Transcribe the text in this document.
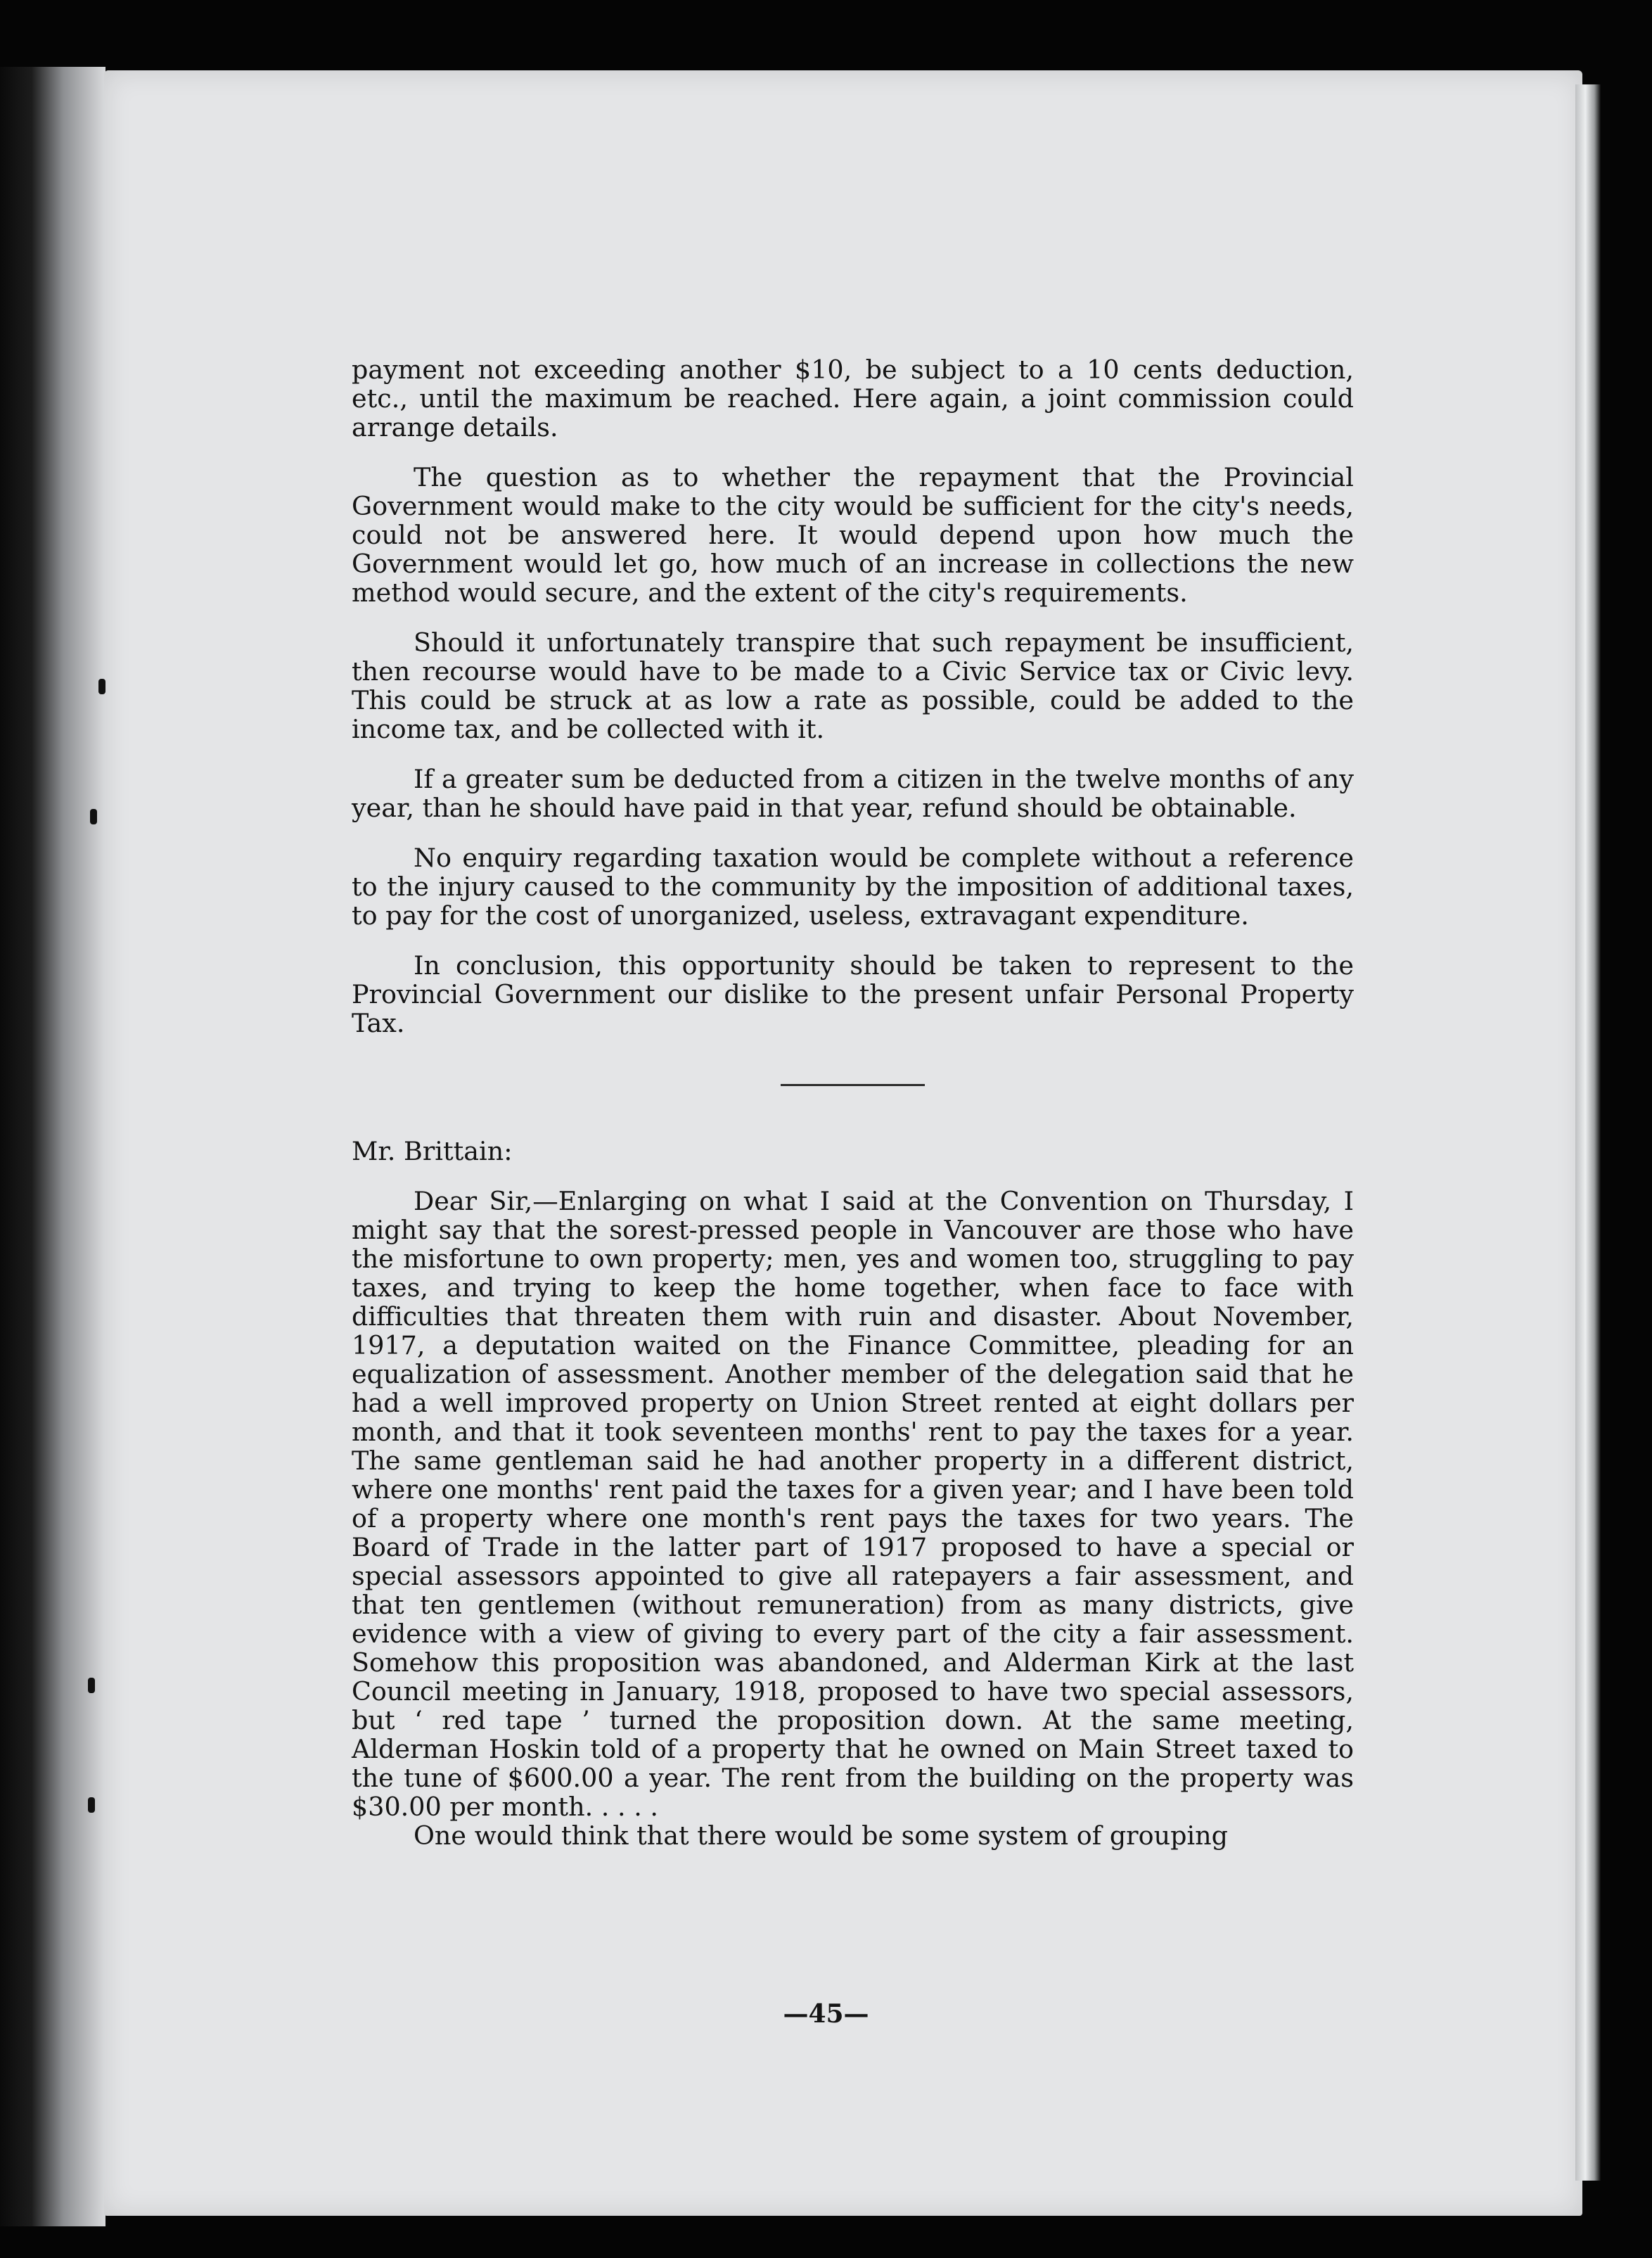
payment not exceeding another $10, be subject to a 10 cents deduction, etc., until the maximum be reached. Here again, a joint commission could arrange details.

The question as to whether the repayment that the Provincial Government would make to the city would be sufficient for the city's needs, could not be answered here. It would depend upon how much the Government would let go, how much of an increase in collections the new method would secure, and the extent of the city's requirements.

Should it unfortunately transpire that such repayment be insufficient, then recourse would have to be made to a Civic Service tax or Civic levy. This could be struck at as low a rate as possible, could be added to the income tax, and be collected with it.

If a greater sum be deducted from a citizen in the twelve months of any year, than he should have paid in that year, refund should be obtainable.

No enquiry regarding taxation would be complete without a reference to the injury caused to the community by the imposition of additional taxes, to pay for the cost of unorganized, useless, extravagant expenditure.

In conclusion, this opportunity should be taken to represent to the Provincial Government our dislike to the present unfair Personal Property Tax.

Mr. Brittain:

Dear Sir,—Enlarging on what I said at the Convention on Thursday, I might say that the sorest-pressed people in Vancouver are those who have the misfortune to own property; men, yes and women too, struggling to pay taxes, and trying to keep the home together, when face to face with difficulties that threaten them with ruin and disaster. About November, 1917, a deputation waited on the Finance Committee, pleading for an equalization of assessment. Another member of the delegation said that he had a well improved property on Union Street rented at eight dollars per month, and that it took seventeen months' rent to pay the taxes for a year. The same gentleman said he had another property in a different district, where one months' rent paid the taxes for a given year; and I have been told of a property where one month's rent pays the taxes for two years. The Board of Trade in the latter part of 1917 proposed to have a special or special assessors appointed to give all ratepayers a fair assessment, and that ten gentlemen (without remuneration) from as many districts, give evidence with a view of giving to every part of the city a fair assessment. Somehow this proposition was abandoned, and Alderman Kirk at the last Council meeting in January, 1918, proposed to have two special assessors, but ‘ red tape ’ turned the proposition down. At the same meeting, Alderman Hoskin told of a property that he owned on Main Street taxed to the tune of $600.00 a year. The rent from the building on the property was $30.00 per month. . . . .

One would think that there would be some system of grouping

—45—
